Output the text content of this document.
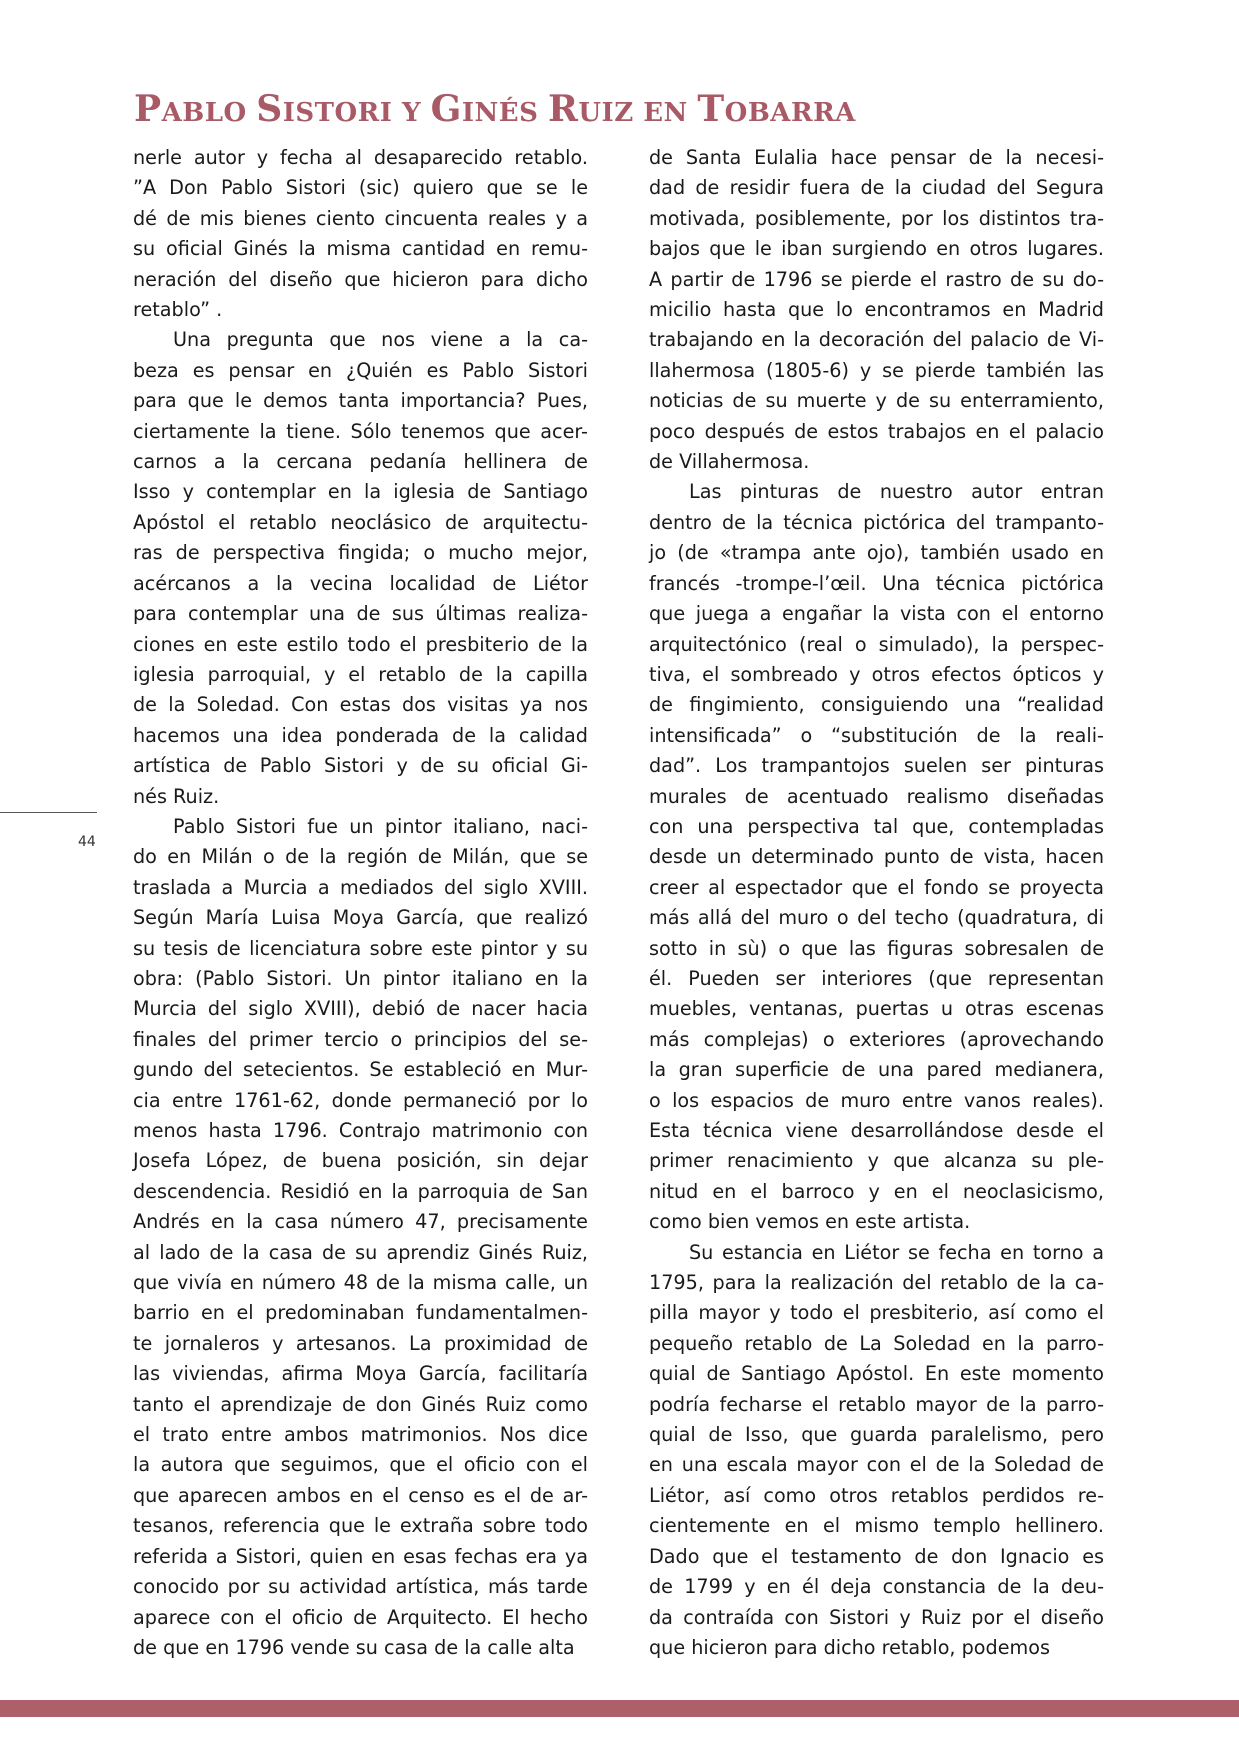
PABLO SISTORI Y GINÉS RUIZ EN TOBARRA

nerle autor y fecha al desaparecido retablo.

”A Don Pablo Sistori (sic) quiero que se le

dé de mis bienes ciento cincuenta reales y a

su oficial Ginés la misma cantidad en remu-

neración del diseño que hicieron para dicho

retablo” .

Una pregunta que nos viene a la ca-

beza es pensar en ¿Quién es Pablo Sistori

para que le demos tanta importancia? Pues,

ciertamente la tiene. Sólo tenemos que acer-

carnos a la cercana pedanía hellinera de

Isso y contemplar en la iglesia de Santiago

Apóstol el retablo neoclásico de arquitectu-

ras de perspectiva fingida; o mucho mejor,

acércanos a la vecina localidad de Liétor

para contemplar una de sus últimas realiza-

ciones en este estilo todo el presbiterio de la

iglesia parroquial, y el retablo de la capilla

de la Soledad. Con estas dos visitas ya nos

hacemos una idea ponderada de la calidad

artística de Pablo Sistori y de su oficial Gi-

nés Ruiz.

Pablo Sistori fue un pintor italiano, naci-

do en Milán o de la región de Milán, que se

traslada a Murcia a mediados del siglo XVIII.

Según María Luisa Moya García, que realizó

su tesis de licenciatura sobre este pintor y su

obra: (Pablo Sistori. Un pintor italiano en la

Murcia del siglo XVIII), debió de nacer hacia

finales del primer tercio o principios del se-

gundo del setecientos. Se estableció en Mur-

cia entre 1761-62, donde permaneció por lo

menos hasta 1796. Contrajo matrimonio con

Josefa López, de buena posición, sin dejar

descendencia. Residió en la parroquia de San

Andrés en la casa número 47, precisamente

al lado de la casa de su aprendiz Ginés Ruiz,

que vivía en número 48 de la misma calle, un

barrio en el predominaban fundamentalmen-

te jornaleros y artesanos. La proximidad de

las viviendas, afirma Moya García, facilitaría

tanto el aprendizaje de don Ginés Ruiz como

el trato entre ambos matrimonios. Nos dice

la autora que seguimos, que el oficio con el

que aparecen ambos en el censo es el de ar-

tesanos, referencia que le extraña sobre todo

referida a Sistori, quien en esas fechas era ya

conocido por su actividad artística, más tarde

aparece con el oficio de Arquitecto. El hecho

de que en 1796 vende su casa de la calle alta

de Santa Eulalia hace pensar de la necesi-

dad de residir fuera de la ciudad del Segura

motivada, posiblemente, por los distintos tra-

bajos que le iban surgiendo en otros lugares.

A partir de 1796 se pierde el rastro de su do-

micilio hasta que lo encontramos en Madrid

trabajando en la decoración del palacio de Vi-

llahermosa (1805-6) y se pierde también las

noticias de su muerte y de su enterramiento,

poco después de estos trabajos en el palacio

de Villahermosa.

Las pinturas de nuestro autor entran

dentro de la técnica pictórica del trampanto-

jo (de «trampa ante ojo), también usado en

francés -trompe-l’œil. Una técnica pictórica

que juega a engañar la vista con el entorno

arquitectónico (real o simulado), la perspec-

tiva, el sombreado y otros efectos ópticos y

de fingimiento, consiguiendo una “realidad

intensificada” o “substitución de la reali-

dad”. Los trampantojos suelen ser pinturas

murales de acentuado realismo diseñadas

con una perspectiva tal que, contempladas

desde un determinado punto de vista, hacen

creer al espectador que el fondo se proyecta

más allá del muro o del techo (quadratura, di

sotto in sù) o que las figuras sobresalen de

él. Pueden ser interiores (que representan

muebles, ventanas, puertas u otras escenas

más complejas) o exteriores (aprovechando

la gran superficie de una pared medianera,

o los espacios de muro entre vanos reales).

Esta técnica viene desarrollándose desde el

primer renacimiento y que alcanza su ple-

nitud en el barroco y en el neoclasicismo,

como bien vemos en este artista.

Su estancia en Liétor se fecha en torno a

1795, para la realización del retablo de la ca-

pilla mayor y todo el presbiterio, así como el

pequeño retablo de La Soledad en la parro-

quial de Santiago Apóstol. En este momento

podría fecharse el retablo mayor de la parro-

quial de Isso, que guarda paralelismo, pero

en una escala mayor con el de la Soledad de

Liétor, así como otros retablos perdidos re-

cientemente en el mismo templo hellinero.

Dado que el testamento de don Ignacio es

de 1799 y en él deja constancia de la deu-

da contraída con Sistori y Ruiz por el diseño

que hicieron para dicho retablo, podemos

44
